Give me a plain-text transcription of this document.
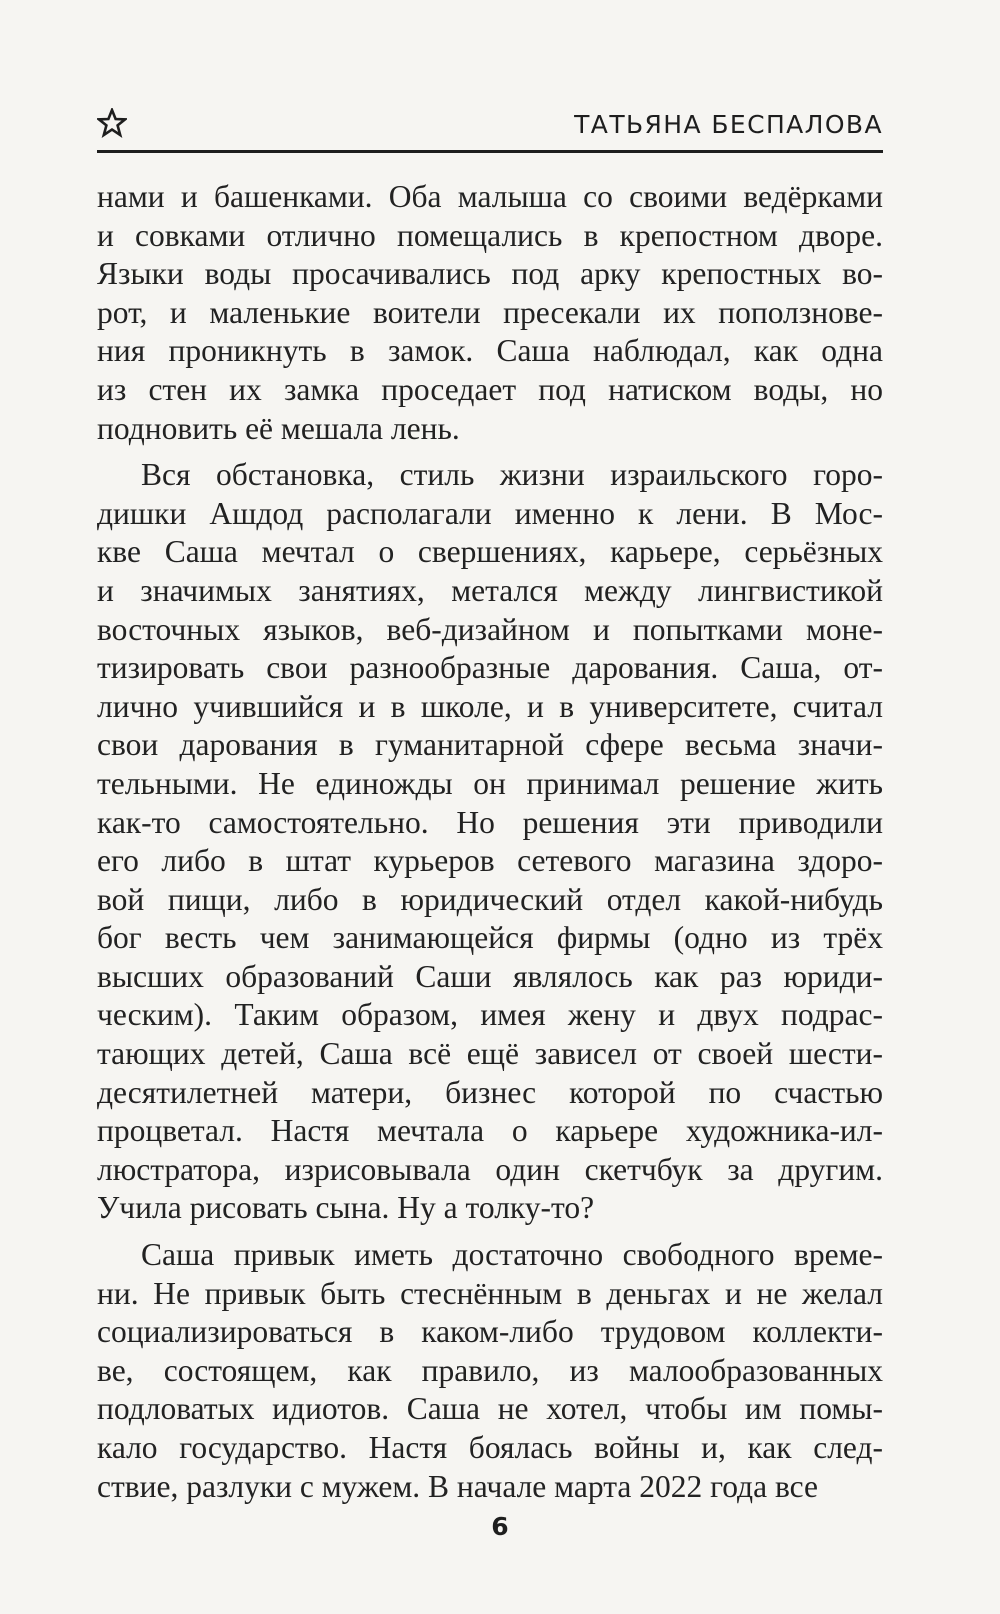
ТАТЬЯНА БЕСПАЛОВА
нами и башенками. Оба малыша со своими ведёрками
и совками отлично помещались в крепостном дворе.
Языки воды просачивались под арку крепостных во-
рот, и маленькие воители пресекали их поползнове-
ния проникнуть в замок. Саша наблюдал, как одна
из стен их замка проседает под натиском воды, но
подновить её мешала лень.
Вся обстановка, стиль жизни израильского горо-
дишки Ашдод располагали именно к лени. В Мос-
кве Саша мечтал о свершениях, карьере, серьёзных
и значимых занятиях, метался между лингвистикой
восточных языков, веб-дизайном и попытками моне-
тизировать свои разнообразные дарования. Саша, от-
лично учившийся и в школе, и в университете, считал
свои дарования в гуманитарной сфере весьма значи-
тельными. Не единожды он принимал решение жить
как-то самостоятельно. Но решения эти приводили
его либо в штат курьеров сетевого магазина здоро-
вой пищи, либо в юридический отдел какой-нибудь
бог весть чем занимающейся фирмы (одно из трёх
высших образований Саши являлось как раз юриди-
ческим). Таким образом, имея жену и двух подрас-
тающих детей, Саша всё ещё зависел от своей шести-
десятилетней матери, бизнес которой по счастью
процветал. Настя мечтала о карьере художника-ил-
люстратора, изрисовывала один скетчбук за другим.
Учила рисовать сына. Ну а толку-то?
Саша привык иметь достаточно свободного време-
ни. Не привык быть стеснённым в деньгах и не желал
социализироваться в каком-либо трудовом коллекти-
ве, состоящем, как правило, из малообразованных
подловатых идиотов. Саша не хотел, чтобы им помы-
кало государство. Настя боялась войны и, как след-
ствие, разлуки с мужем. В начале марта 2022 года все
6
